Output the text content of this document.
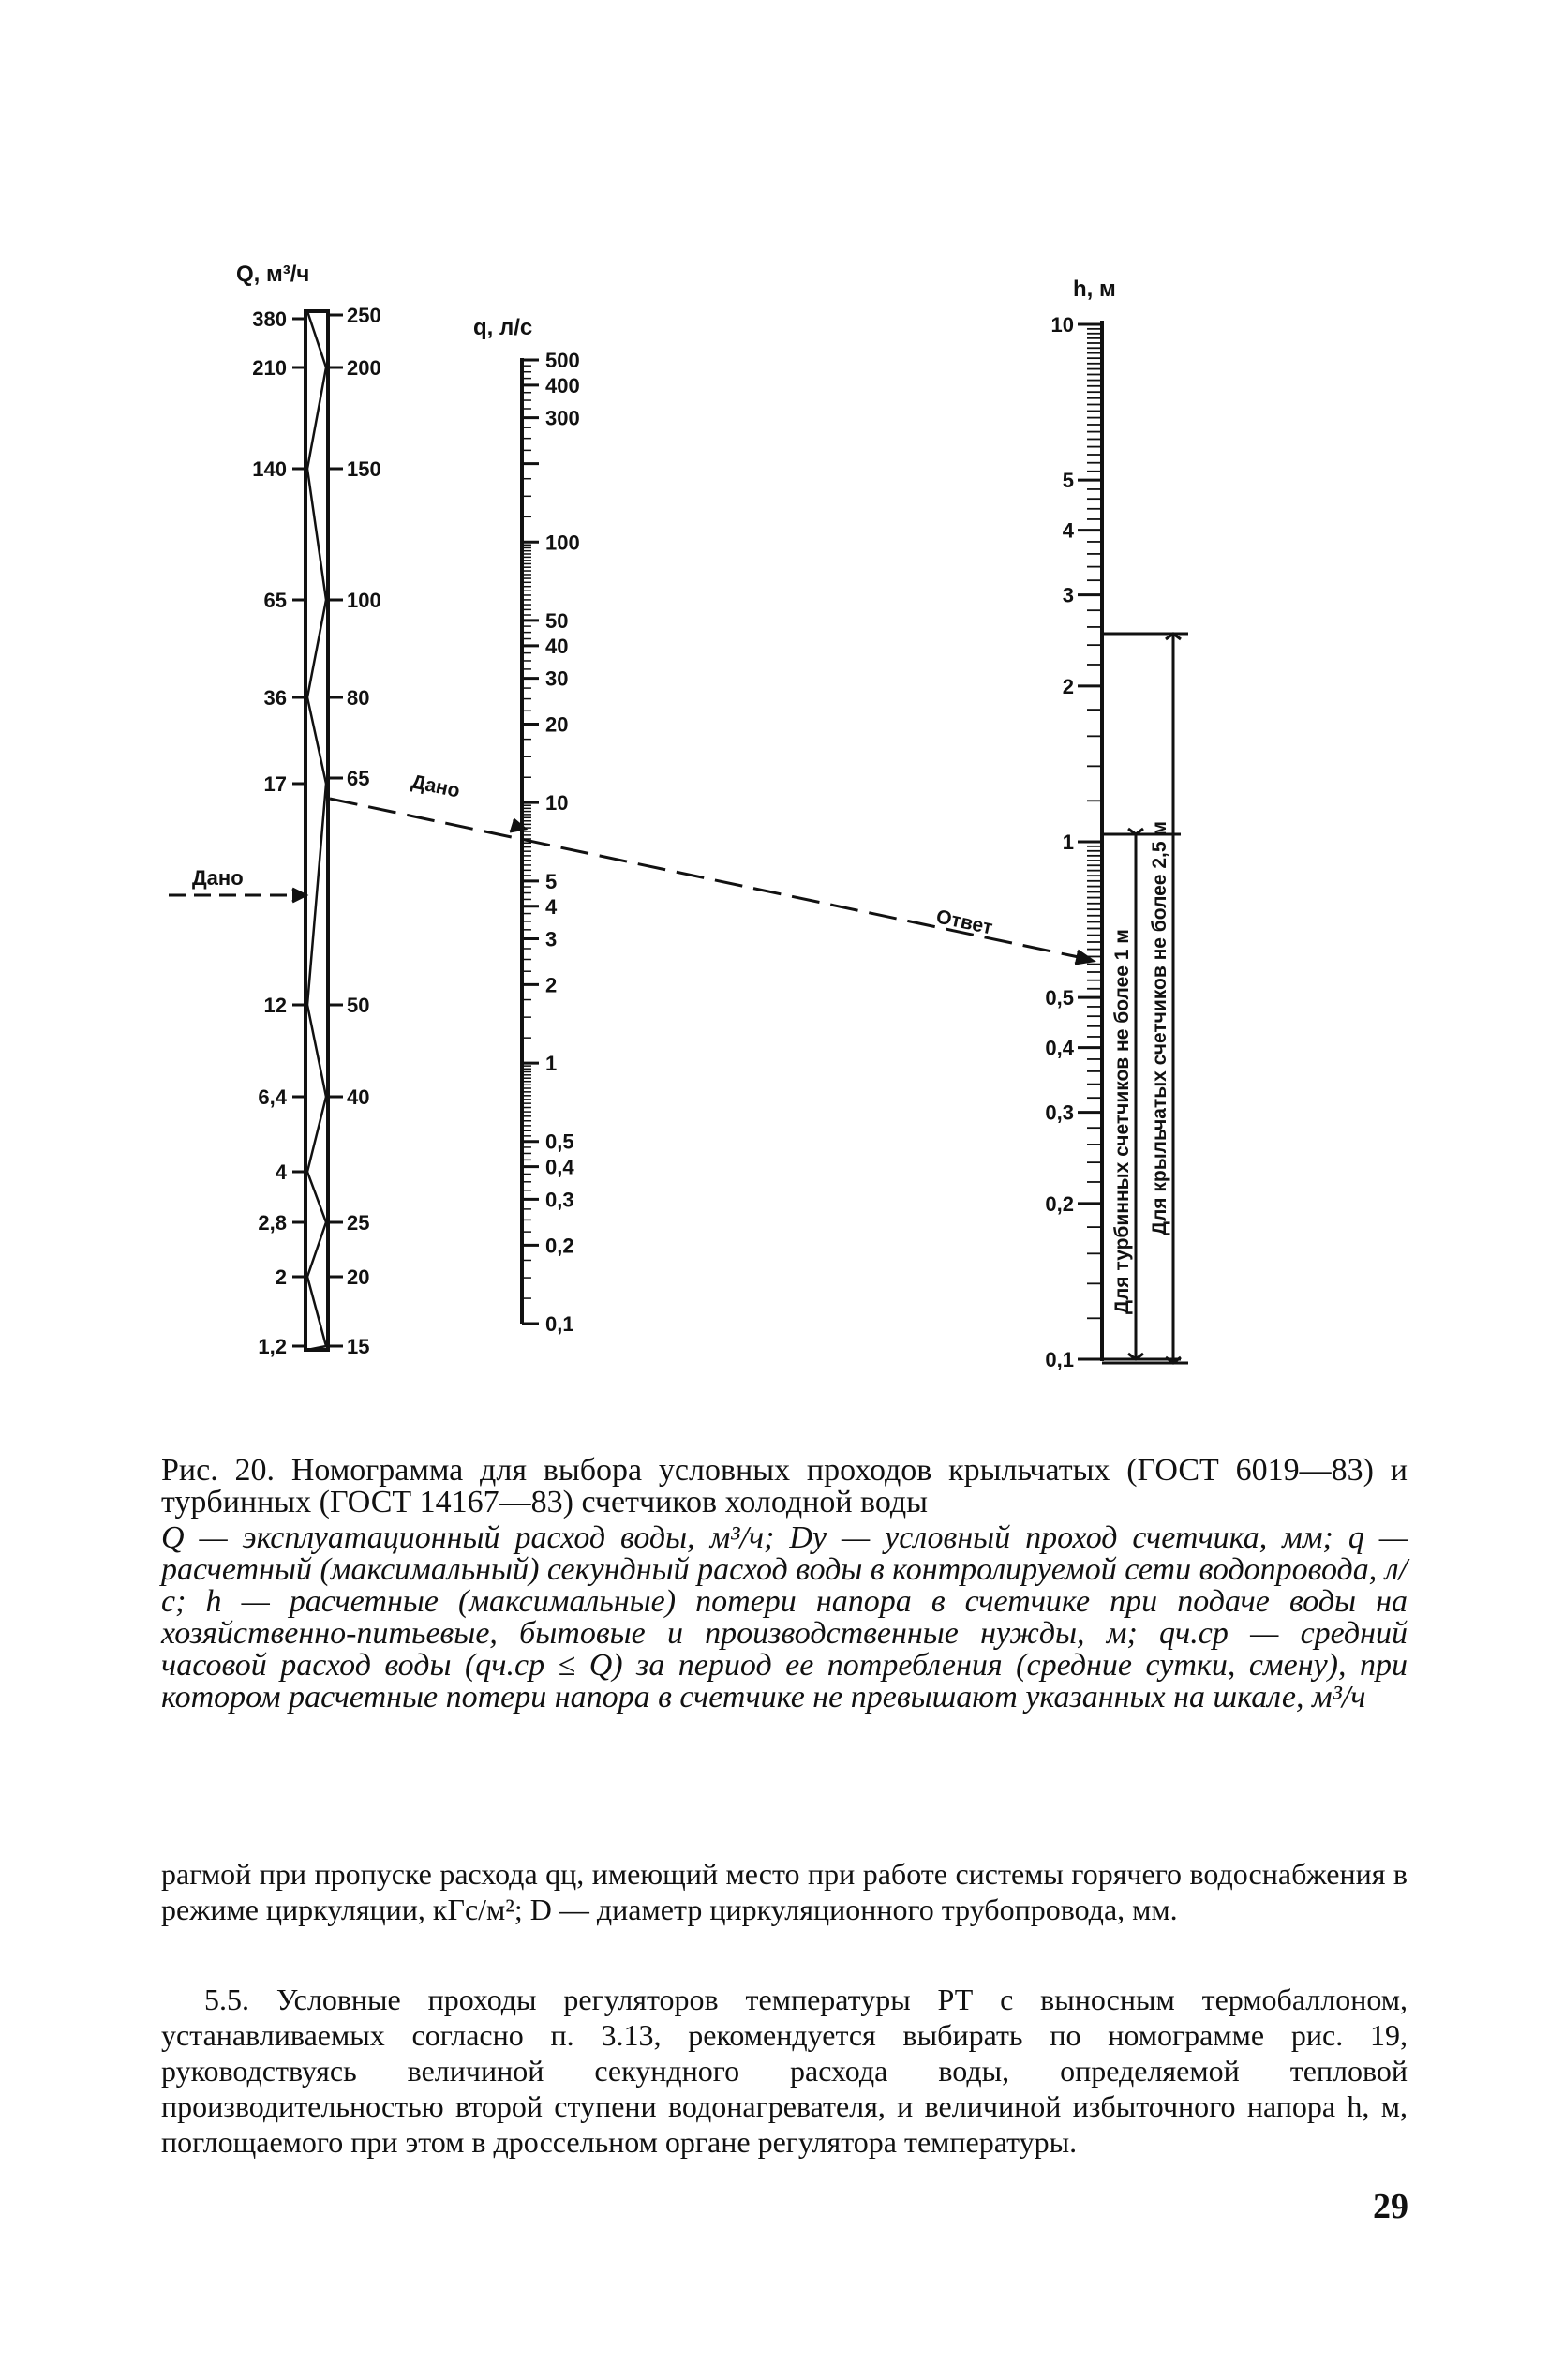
Q, м³/ч
380
210
140
65
36
17
12
6,4
4
2,8
2
1,2
250
200
150
100
80
65
50
40
25
20
15
q, л/с
500
400
300
100
50
40
30
20
10
5
4
3
2
1
0,5
0,4
0,3
0,2
0,1
h, м
10
5
4
3
2
1
0,5
0,4
0,3
0,2
0,1
Для турбинных счетчиков не более 1 м Для крыльчатых счетчиков не более 2,5 м
Дано
Дано
Ответ

Рис. 20. Номограмма для выбора условных проходов крыльчатых (ГОСТ 6019—83) и турбинных (ГОСТ 14167—83) счетчиков холодной воды

Q — эксплуатационный расход воды, м³/ч; Dу — условный проход счетчика, мм; q — расчетный (максимальный) секундный расход воды в контролируемой сети водопровода, л/с; h — расчетные (максимальные) потери напора в счетчике при подаче воды на хозяйственно-питьевые, бытовые и производственные нужды, м; qч.ср — средний часовой расход воды (qч.ср ≤ Q) за период ее потребления (средние сутки, смену), при котором расчетные потери напора в счетчике не превышают указанных на шкале, м³/ч

рагмой при пропуске расхода qц, имеющий место при работе системы горячего водоснабжения в режиме циркуляции, кГс/м²; D — диаметр циркуляционного трубопровода, мм.

5.5. Условные проходы регуляторов температуры РТ с выносным термобаллоном, устанавливаемых согласно п. 3.13, рекомендуется выбирать по номограмме рис. 19, руководствуясь величиной секундного расхода воды, определяемой тепловой производительностью второй ступени водонагревателя, и величиной избыточного напора h, м, поглощаемого при этом в дроссельном органе регулятора температуры.

29
